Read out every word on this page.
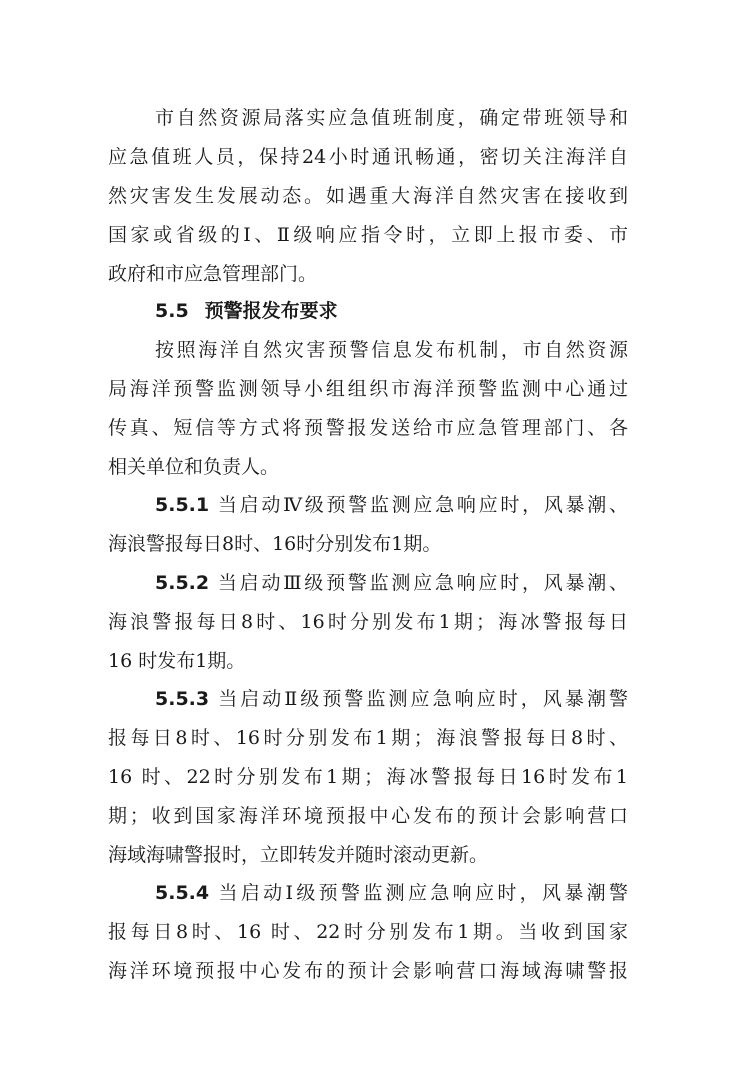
市自然资源局落实应急值班制度，确定带班领导和
应急值班人员，保持24小时通讯畅通，密切关注海洋自
然灾害发生发展动态。如遇重大海洋自然灾害在接收到
国家或省级的Ⅰ、Ⅱ级响应指令时，立即上报市委、市
政府和市应急管理部门。
5.5 预警报发布要求
按照海洋自然灾害预警信息发布机制，市自然资源
局海洋预警监测领导小组组织市海洋预警监测中心通过
传真、短信等方式将预警报发送给市应急管理部门、各
相关单位和负责人。
5.5.1 当启动Ⅳ级预警监测应急响应时，风暴潮、
海浪警报每日8时、16时分别发布1期。
5.5.2 当启动Ⅲ级预警监测应急响应时，风暴潮、
海浪警报每日8时、16时分别发布1期；海冰警报每日
16 时发布1期。
5.5.3 当启动Ⅱ级预警监测应急响应时，风暴潮警
报每日8时、16时分别发布1期；海浪警报每日8时、
16 时、22时分别发布1期；海冰警报每日16时发布1
期；收到国家海洋环境预报中心发布的预计会影响营口
海域海啸警报时，立即转发并随时滚动更新。
5.5.4 当启动Ⅰ级预警监测应急响应时，风暴潮警
报每日8时、16 时、22时分别发布1期。当收到国家
海洋环境预报中心发布的预计会影响营口海域海啸警报
